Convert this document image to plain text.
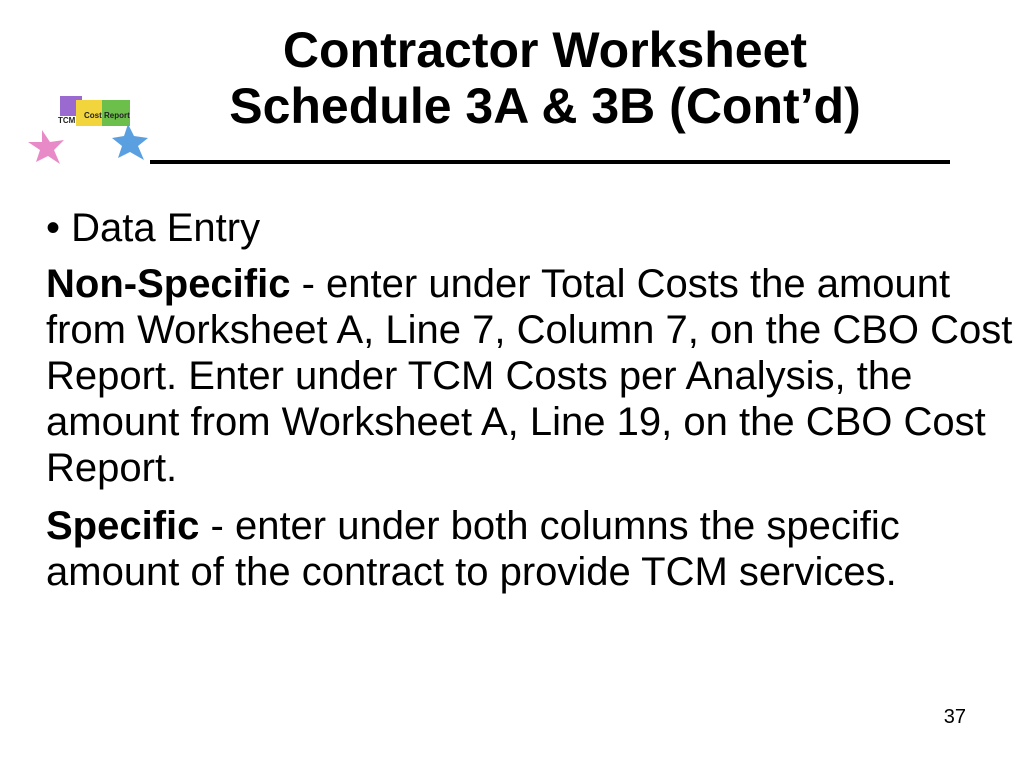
TCM
Cost Report
Contractor Worksheet
Schedule 3A & 3B (Cont’d)
• Data Entry
Non-Specific - enter under Total Costs the amount from Worksheet A, Line 7, Column 7, on the CBO Cost Report. Enter under TCM Costs per Analysis, the amount from Worksheet A, Line 19, on the CBO Cost Report.
Specific - enter under both columns the specific amount of the contract to provide TCM services.
37
